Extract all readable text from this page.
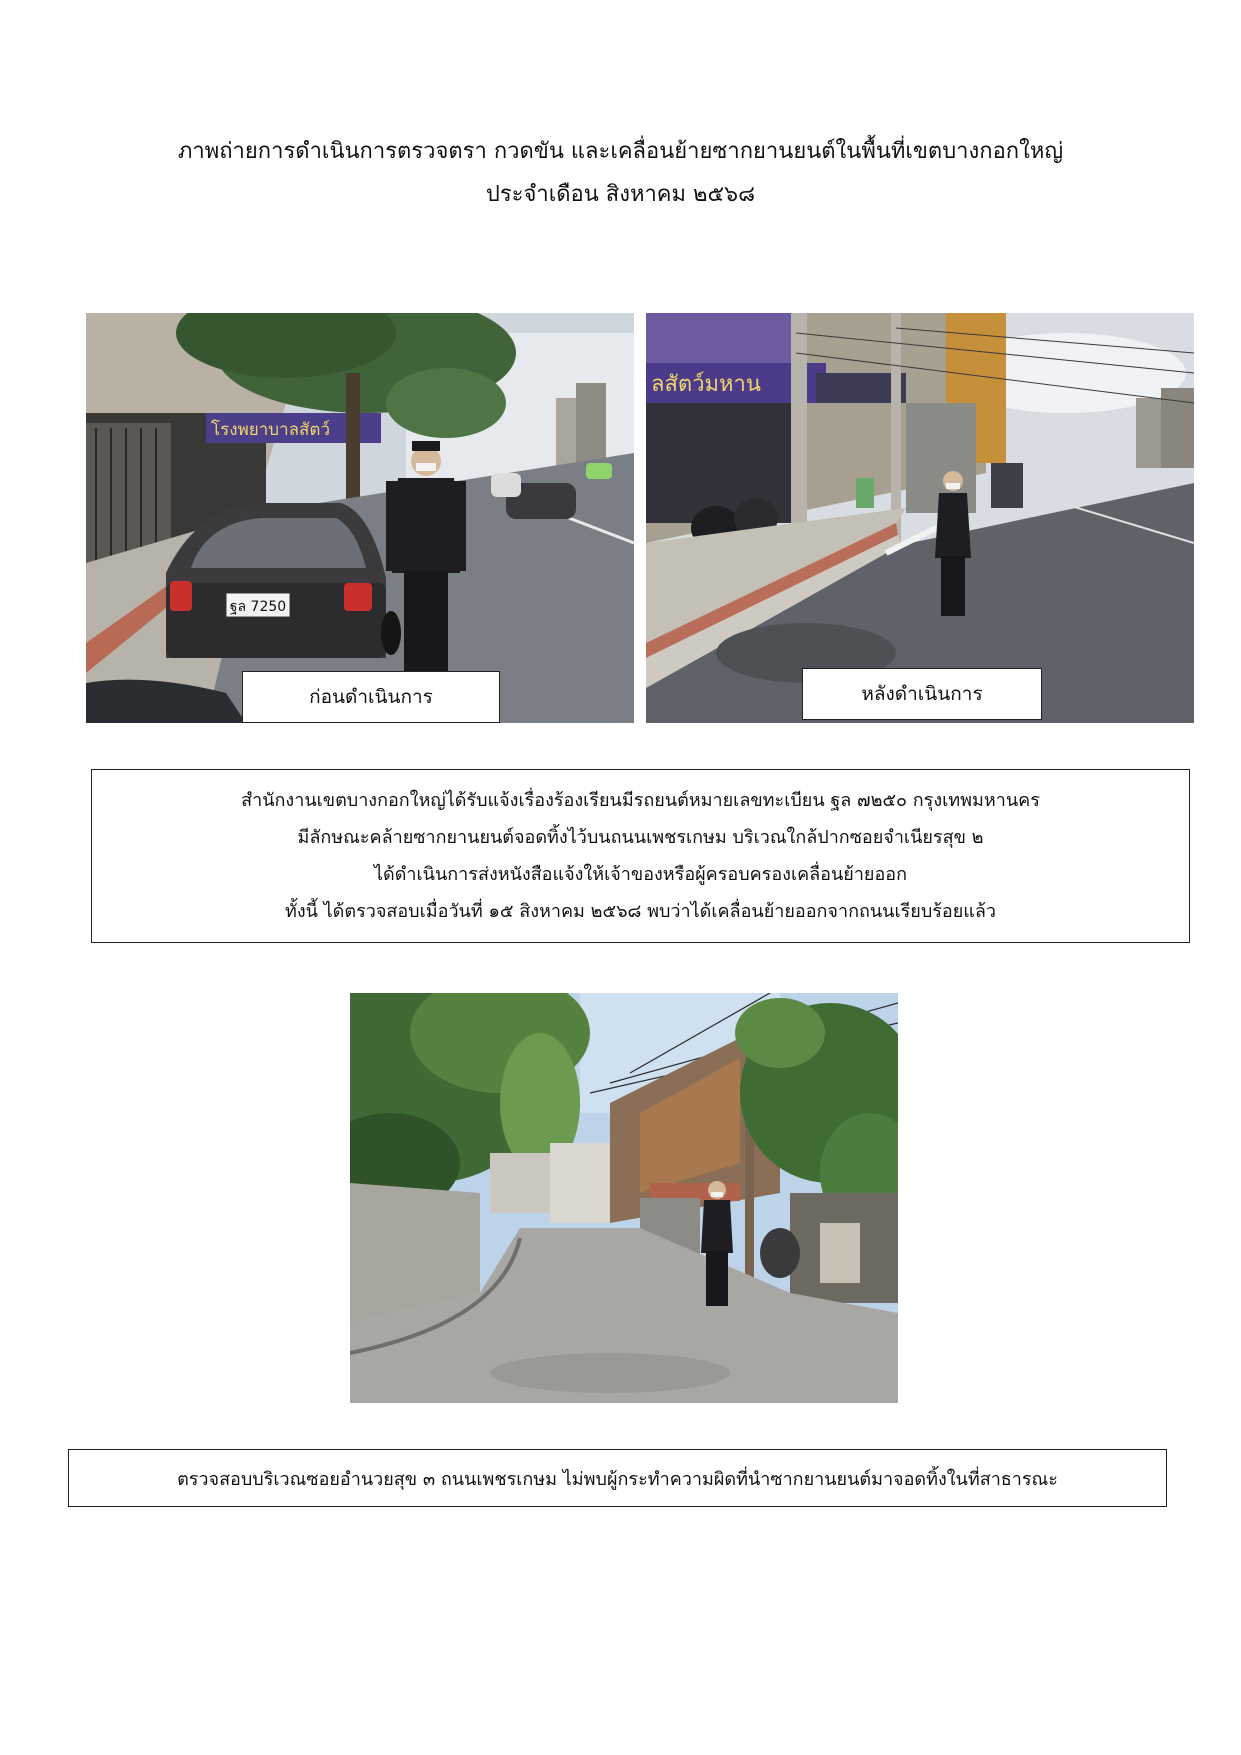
ภาพถ่ายการดำเนินการตรวจตรา กวดขัน และเคลื่อนย้ายซากยานยนต์ในพื้นที่เขตบางกอกใหญ่
ประจำเดือน สิงหาคม ๒๕๖๘
โรงพยาบาลสัตว์
ฐล 7250
ก่อนดำเนินการ
ลสัตว์มหาน
หลังดำเนินการ
สำนักงานเขตบางกอกใหญ่ได้รับแจ้งเรื่องร้องเรียนมีรถยนต์หมายเลขทะเบียน ฐล ๗๒๕๐ กรุงเทพมหานคร
มีลักษณะคล้ายซากยานยนต์จอดทิ้งไว้บนถนนเพชรเกษม บริเวณใกล้ปากซอยจำเนียรสุข ๒
ได้ดำเนินการส่งหนังสือแจ้งให้เจ้าของหรือผู้ครอบครองเคลื่อนย้ายออก
ทั้งนี้ ได้ตรวจสอบเมื่อวันที่ ๑๕ สิงหาคม ๒๕๖๘ พบว่าได้เคลื่อนย้ายออกจากถนนเรียบร้อยแล้ว
ตรวจสอบบริเวณซอยอำนวยสุข ๓ ถนนเพชรเกษม ไม่พบผู้กระทำความผิดที่นำซากยานยนต์มาจอดทิ้งในที่สาธารณะ
